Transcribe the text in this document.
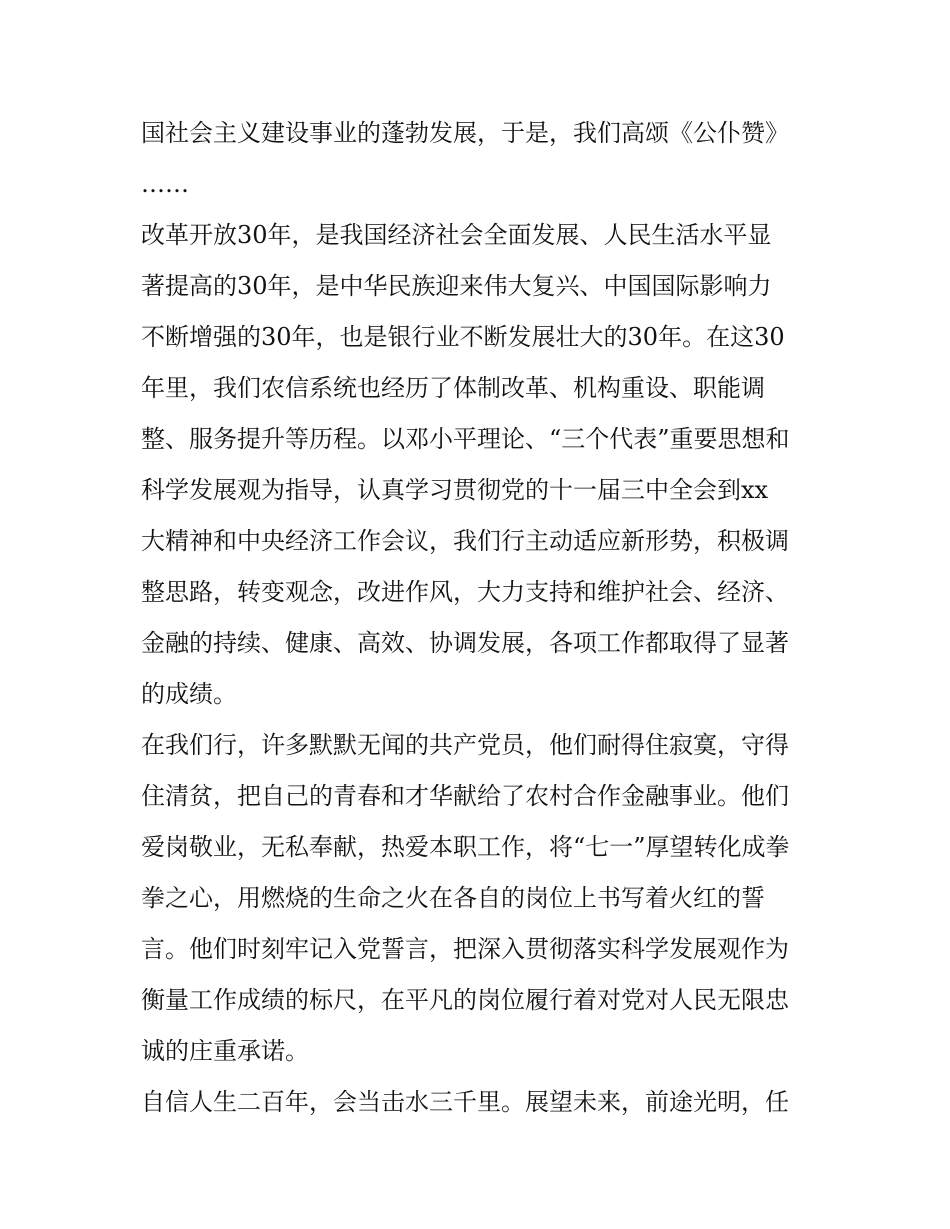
国社会主义建设事业的蓬勃发展，于是，我们高颂《公仆赞》
……
改革开放30年，是我国经济社会全面发展、人民生活水平显
著提高的30年，是中华民族迎来伟大复兴、中国国际影响力
不断增强的30年，也是银行业不断发展壮大的30年。在这30
年里，我们农信系统也经历了体制改革、机构重设、职能调
整、服务提升等历程。以邓小平理论、“三个代表”重要思想和
科学发展观为指导，认真学习贯彻党的十一届三中全会到xx
大精神和中央经济工作会议，我们行主动适应新形势，积极调
整思路，转变观念，改进作风，大力支持和维护社会、经济、
金融的持续、健康、高效、协调发展，各项工作都取得了显著
的成绩。
在我们行，许多默默无闻的共产党员，他们耐得住寂寞，守得
住清贫，把自己的青春和才华献给了农村合作金融事业。他们
爱岗敬业，无私奉献，热爱本职工作，将“七一”厚望转化成拳
拳之心，用燃烧的生命之火在各自的岗位上书写着火红的誓
言。他们时刻牢记入党誓言，把深入贯彻落实科学发展观作为
衡量工作成绩的标尺，在平凡的岗位履行着对党对人民无限忠
诚的庄重承诺。
自信人生二百年，会当击水三千里。展望未来，前途光明，任
